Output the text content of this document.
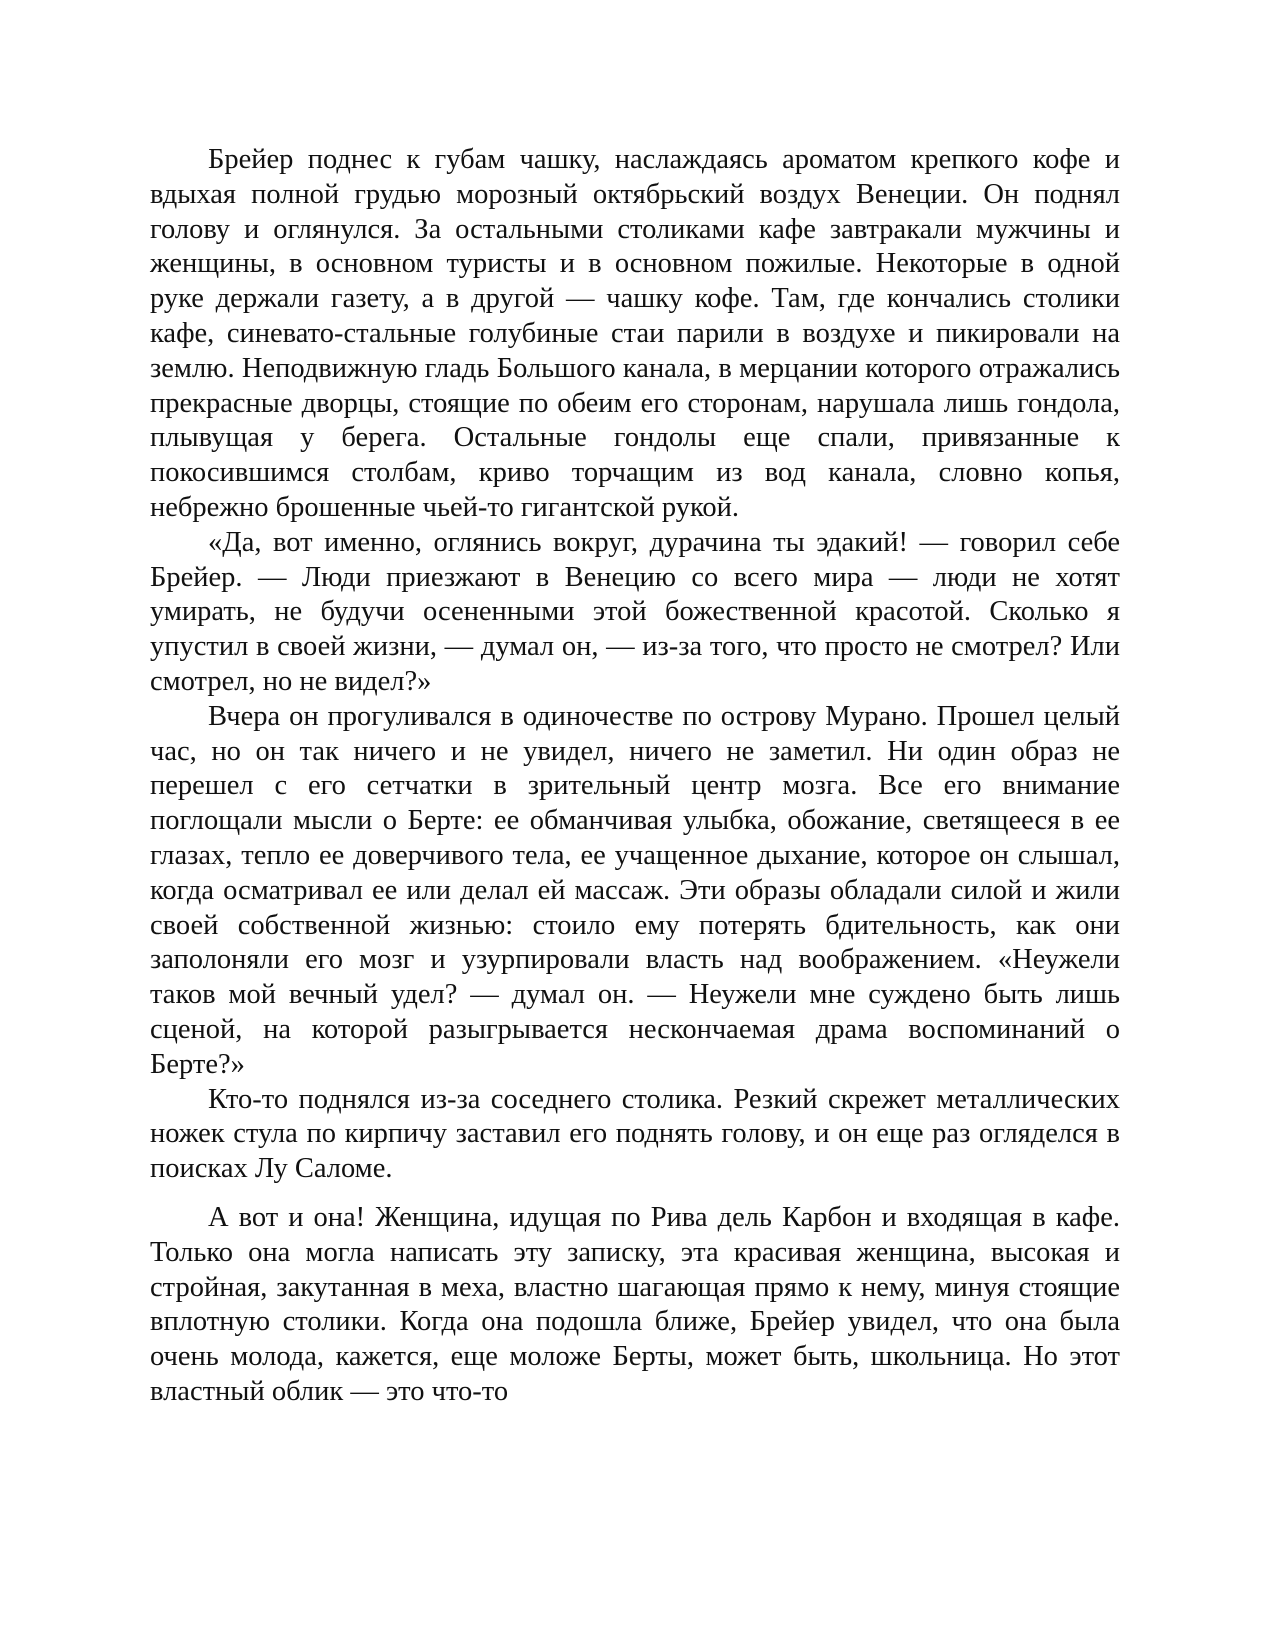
Брейер поднес к губам чашку, наслаждаясь ароматом крепкого кофе и вдыхая полной грудью морозный октябрьский воздух Венеции. Он поднял голову и оглянулся. За остальными столиками кафе завтракали мужчины и женщины, в основном туристы и в основном пожилые. Некоторые в одной руке держали газету, а в другой — чашку кофе. Там, где кончались столики кафе, синевато-стальные голубиные стаи парили в воздухе и пикировали на землю. Неподвижную гладь Большого канала, в мерцании которого отражались прекрасные дворцы, стоящие по обеим его сторонам, нарушала лишь гондола, плывущая у берега. Остальные гондолы еще спали, привязанные к покосившимся столбам, криво торчащим из вод канала, словно копья, небрежно брошенные чьей-то гигантской рукой.

«Да, вот именно, оглянись вокруг, дурачина ты эдакий! — говорил себе Брейер. — Люди приезжают в Венецию со всего мира — люди не хотят умирать, не будучи осененными этой божественной красотой. Сколько я упустил в своей жизни, — думал он, — из-за того, что просто не смотрел? Или смотрел, но не видел?»

Вчера он прогуливался в одиночестве по острову Мурано. Прошел целый час, но он так ничего и не увидел, ничего не заметил. Ни один образ не перешел с его сетчатки в зрительный центр мозга. Все его внимание поглощали мысли о Берте: ее обманчивая улыбка, обожание, светящееся в ее глазах, тепло ее доверчивого тела, ее учащенное дыхание, которое он слышал, когда осматривал ее или делал ей массаж. Эти образы обладали силой и жили своей собственной жизнью: стоило ему потерять бдительность, как они заполоняли его мозг и узурпировали власть над воображением. «Неужели таков мой вечный удел? — думал он. — Неужели мне суждено быть лишь сценой, на которой разыгрывается нескончаемая драма воспоминаний о Берте?»

Кто-то поднялся из-за соседнего столика. Резкий скрежет металлических ножек стула по кирпичу заставил его поднять голову, и он еще раз огляделся в поисках Лу Саломе.

А вот и она! Женщина, идущая по Рива дель Карбон и входящая в кафе. Только она могла написать эту записку, эта красивая женщина, высокая и стройная, закутанная в меха, властно шагающая прямо к нему, минуя стоящие вплотную столики. Когда она подошла ближе, Брейер увидел, что она была очень молода, кажется, еще моложе Берты, может быть, школьница. Но этот властный облик — это что-то
